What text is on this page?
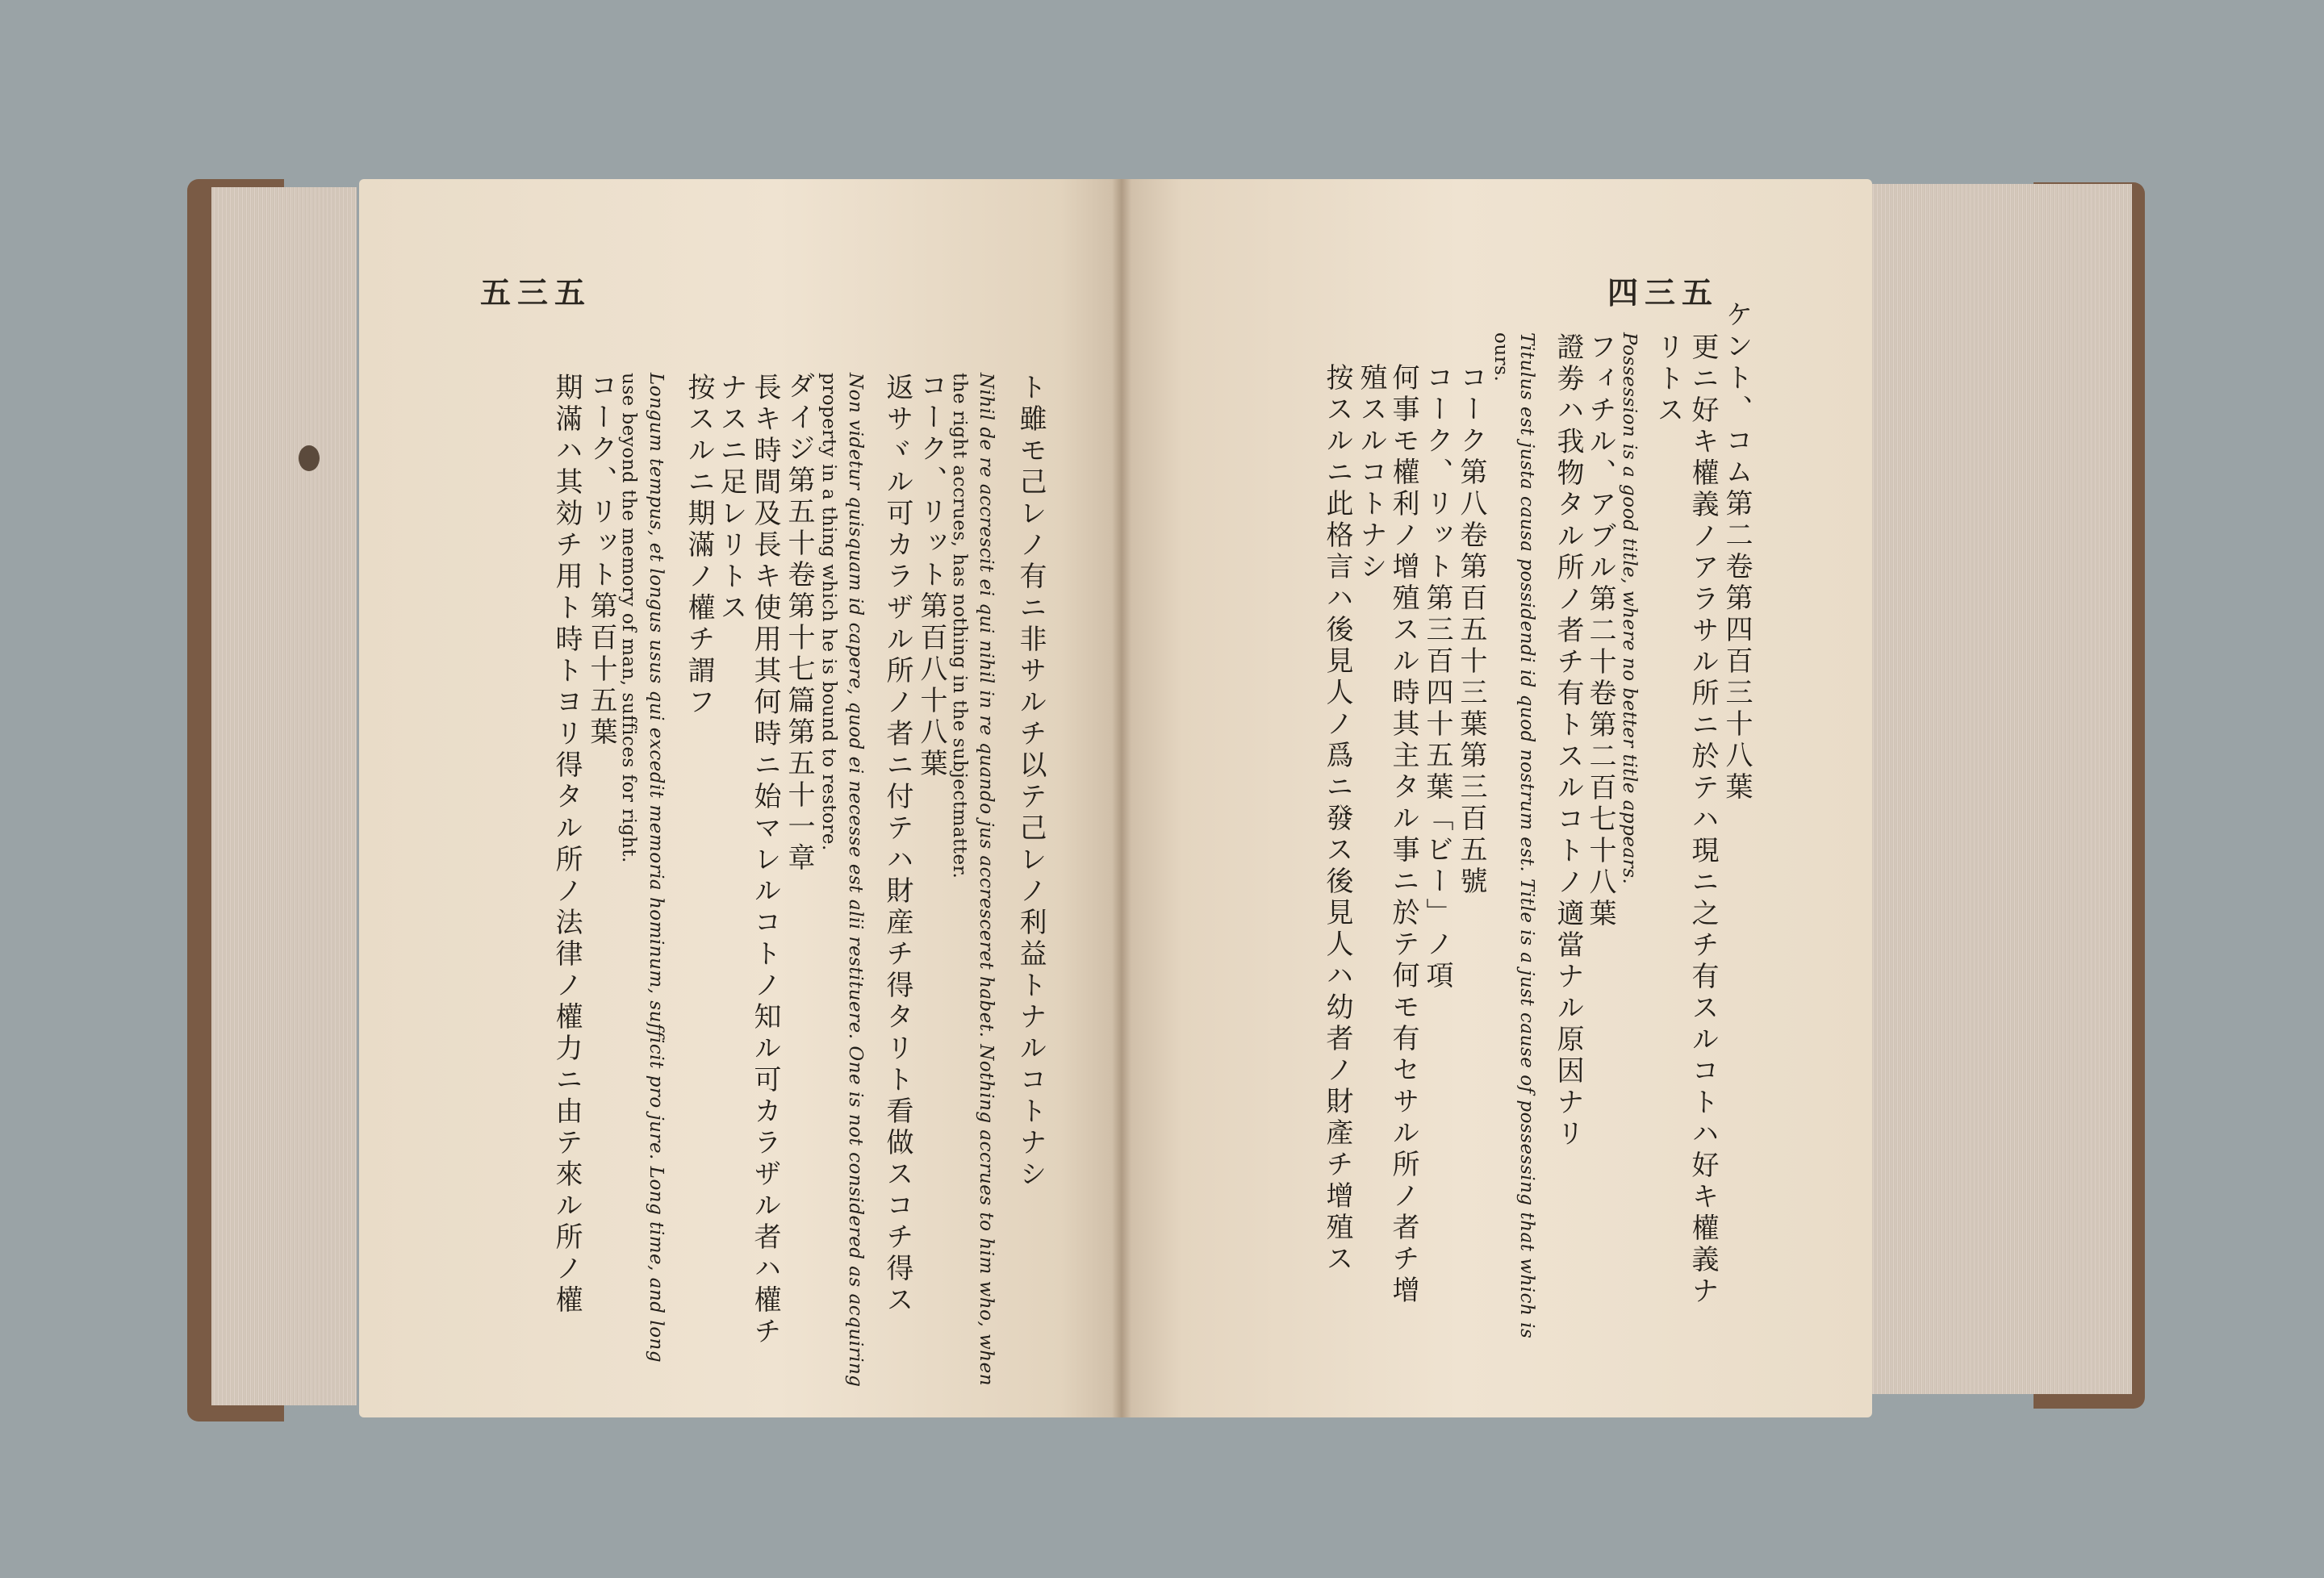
五三五
ト雖モ己レノ有ニ非サルチ以テ己レノ利益トナルコトナシ
Nihil de re accrescit ei qui nihil in re quando jus accresceret habet. Nothing accrues to him who, when
the right accrues, has nothing in the subjectmatter.
コーク、リット第百八十八葉
返サヾル可カラザル所ノ者ニ付テハ財産チ得タリト看做スコチ得ス
Non videtur quisquam id capere, quod ei necesse est alii restituere. One is not considered as acquiring
property in a thing which he is bound to restore.
ダイジ第五十卷第十七篇第五十一章
長キ時間及長キ使用其何時ニ始マレルコトノ知ル可カラザル者ハ權チ
ナスニ足レリトス
按スルニ期滿ノ權チ謂フ
Longum tempus, et longus usus qui excedit memoria hominum, sufficit pro jure. Long time, and long
use beyond the memory of man, suffices for right.
コーク、リット第百十五葉
期滿ハ其効チ用ト時トヨリ得タル所ノ法律ノ權力ニ由テ來ル所ノ權
四三五
ケント、コム第二卷第四百三十八葉
更ニ好キ權義ノアラサル所ニ於テハ現ニ之チ有スルコトハ好キ權義ナ
リトス
Possession is a good title, where no better title appears.
フィチル、アブル第二十卷第二百七十八葉
證劵ハ我物タル所ノ者チ有トスルコトノ適當ナル原因ナリ
Titulus est justa causa possidendi id quod nostrum est. Title is a just cause of possessing that which is
ours.
コーク第八卷第百五十三葉第三百五號
コーク、リット第三百四十五葉「ビー」ノ項
何事モ權利ノ增殖スル時其主タル事ニ於テ何モ有セサル所ノ者チ增
殖スルコトナシ
按スルニ此格言ハ後見人ノ爲ニ發ス後見人ハ幼者ノ財產チ增殖ス
